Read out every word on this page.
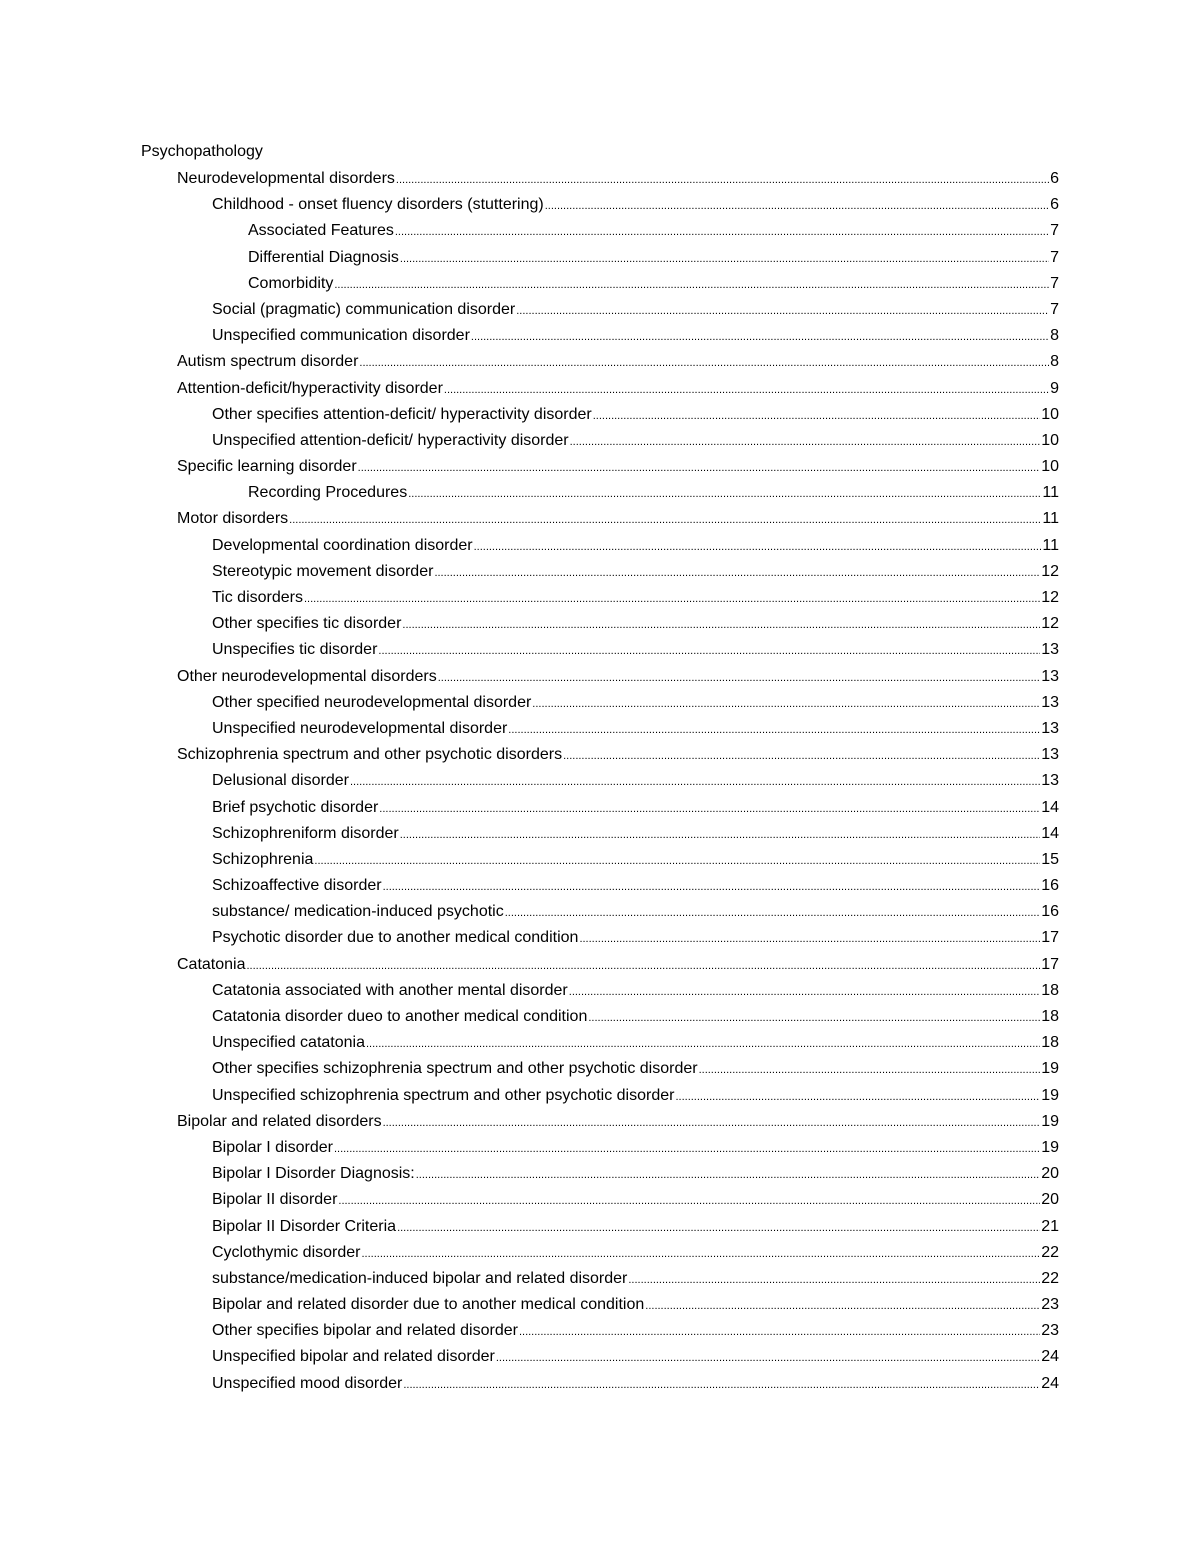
Psychopathology
Neurodevelopmental disorders .....	6
Childhood - onset fluency disorders (stuttering) .....	6
Associated Features .....	7
Differential Diagnosis .....	7
Comorbidity .....	7
Social (pragmatic) communication disorder .....	7
Unspecified communication disorder .....	8
Autism spectrum disorder .....	8
Attention-deficit/hyperactivity disorder .....	9
Other specifies attention-deficit/ hyperactivity disorder .....	10
Unspecified attention-deficit/ hyperactivity disorder .....	10
Specific learning disorder .....	10
Recording Procedures .....	11
Motor disorders .....	11
Developmental coordination disorder .....	11
Stereotypic movement disorder .....	12
Tic disorders .....	12
Other specifies tic disorder .....	12
Unspecifies tic disorder .....	13
Other neurodevelopmental disorders .....	13
Other specified neurodevelopmental disorder .....	13
Unspecified neurodevelopmental disorder .....	13
Schizophrenia spectrum and other psychotic disorders .....	13
Delusional disorder .....	13
Brief psychotic disorder .....	14
Schizophreniform disorder .....	14
Schizophrenia .....	15
Schizoaffective disorder .....	16
substance/ medication-induced psychotic .....	16
Psychotic disorder due to another medical condition .....	17
Catatonia .....	17
Catatonia associated with another mental disorder .....	18
Catatonia disorder dueo to another medical condition .....	18
Unspecified catatonia .....	18
Other specifies schizophrenia spectrum and other psychotic disorder .....	19
Unspecified schizophrenia spectrum and other psychotic disorder .....	19
Bipolar and related disorders .....	19
Bipolar I disorder .....	19
Bipolar I Disorder Diagnosis: .....	20
Bipolar II disorder .....	20
Bipolar II Disorder Criteria .....	21
Cyclothymic disorder .....	22
substance/medication-induced bipolar and related disorder .....	22
Bipolar and related disorder due to another medical condition .....	23
Other specifies bipolar and related disorder .....	23
Unspecified bipolar and related disorder .....	24
Unspecified mood disorder .....	24
